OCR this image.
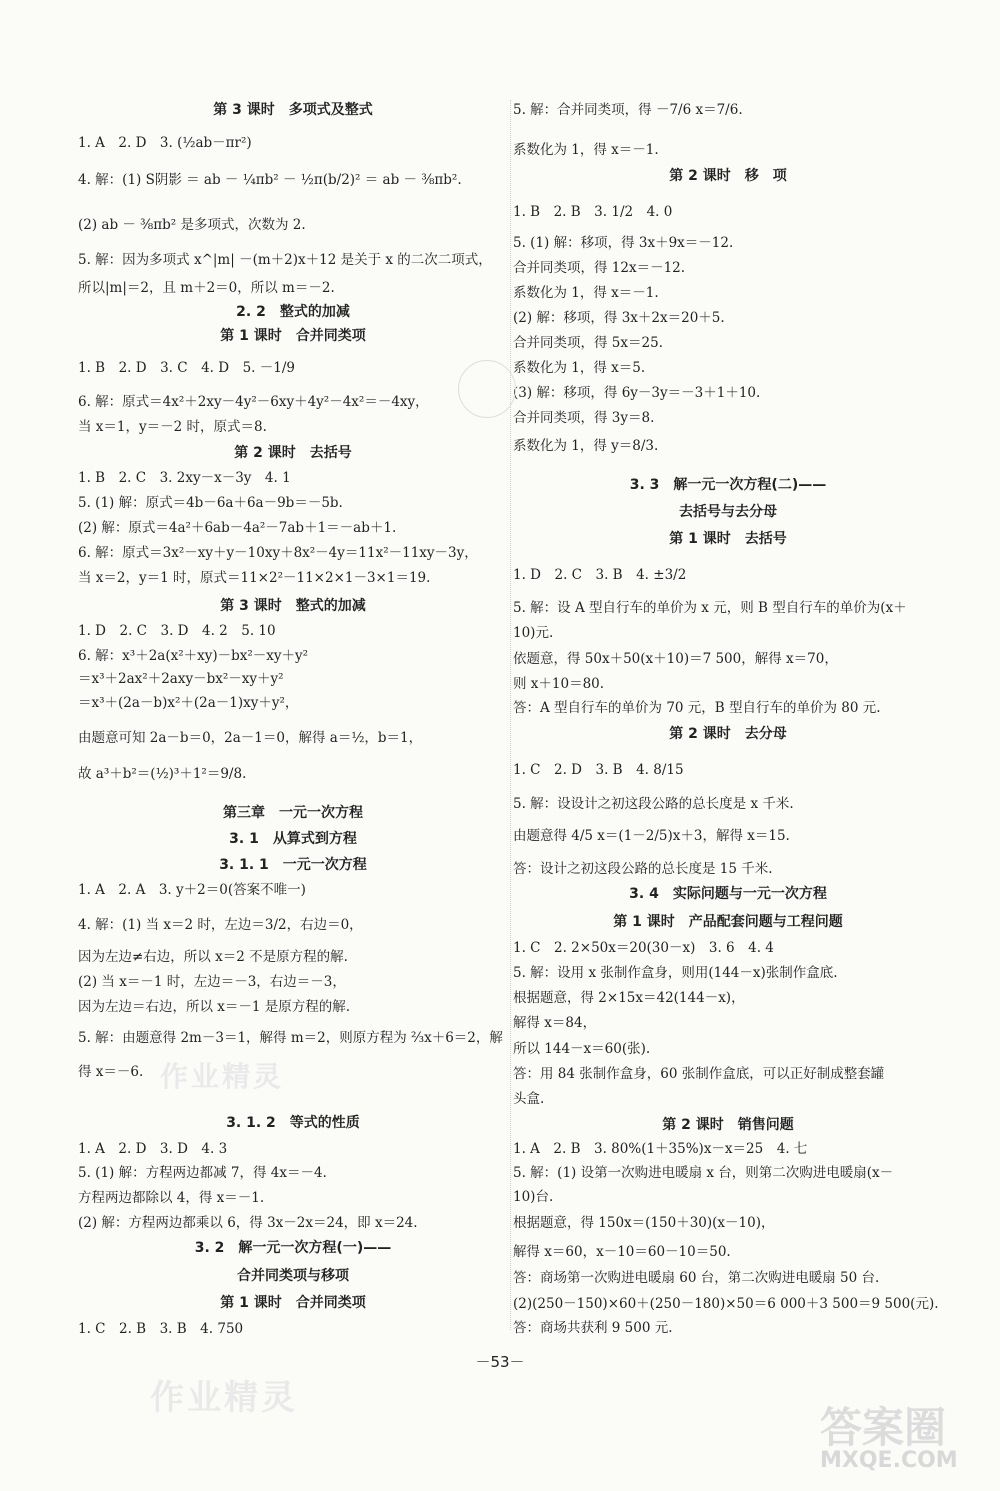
第 3 课时　多项式及整式
1. A　2. D　3. (½ab－πr²)
4. 解：(1) S阴影 ＝ ab － ¼πb² － ½π(b/2)² ＝ ab － ⅜πb².
(2) ab － ⅜πb² 是多项式，次数为 2.
5. 解：因为多项式 x^|m| －(m＋2)x＋12 是关于 x 的二次二项式，
所以|m|＝2，且 m＋2＝0，所以 m＝－2.
2. 2　整式的加减
第 1 课时　合并同类项
1. B　2. D　3. C　4. D　5. －1/9
6. 解：原式＝4x²＋2xy－4y²－6xy＋4y²－4x²＝－4xy，
当 x＝1，y＝－2 时，原式＝8.
第 2 课时　去括号
1. B　2. C　3. 2xy－x－3y　4. 1
5. (1) 解：原式＝4b－6a＋6a－9b＝－5b.
(2) 解：原式＝4a²＋6ab－4a²－7ab＋1＝－ab＋1.
6. 解：原式＝3x²－xy＋y－10xy＋8x²－4y＝11x²－11xy－3y，
当 x＝2，y＝1 时，原式＝11×2²－11×2×1－3×1＝19.
第 3 课时　整式的加减
1. D　2. C　3. D　4. 2　5. 10
6. 解：x³＋2a(x²＋xy)－bx²－xy＋y²
＝x³＋2ax²＋2axy－bx²－xy＋y²
＝x³＋(2a－b)x²＋(2a－1)xy＋y²，
由题意可知 2a－b＝0，2a－1＝0，解得 a＝½，b＝1，
故 a³＋b²＝(½)³＋1²＝9/8.
第三章　一元一次方程
3. 1　从算式到方程
3. 1. 1　一元一次方程
1. A　2. A　3. y＋2＝0(答案不唯一)
4. 解：(1) 当 x＝2 时，左边＝3/2，右边＝0，
因为左边≠右边，所以 x＝2 不是原方程的解.
(2) 当 x＝－1 时，左边＝－3，右边＝－3，
因为左边＝右边，所以 x＝－1 是原方程的解.
5. 解：由题意得 2m－3＝1，解得 m＝2，则原方程为 ⅔x＋6＝2，解
得 x＝－6.
3. 1. 2　等式的性质
1. A　2. D　3. D　4. 3
5. (1) 解：方程两边都减 7，得 4x＝－4.
方程两边都除以 4，得 x＝－1.
(2) 解：方程两边都乘以 6，得 3x－2x＝24，即 x＝24.
3. 2　解一元一次方程(一)——
合并同类项与移项
第 1 课时　合并同类项
1. C　2. B　3. B　4. 750
5. 解：合并同类项，得 －7/6 x＝7/6.
系数化为 1，得 x＝－1.
第 2 课时　移　项
1. B　2. B　3. 1/2　4. 0
5. (1) 解：移项，得 3x＋9x＝－12.
合并同类项，得 12x＝－12.
系数化为 1，得 x＝－1.
(2) 解：移项，得 3x＋2x＝20＋5.
合并同类项，得 5x＝25.
系数化为 1，得 x＝5.
(3) 解：移项，得 6y－3y＝－3＋1＋10.
合并同类项，得 3y＝8.
系数化为 1，得 y＝8/3.
3. 3　解一元一次方程(二)——
去括号与去分母
第 1 课时　去括号
1. D　2. C　3. B　4. ±3/2
5. 解：设 A 型自行车的单价为 x 元，则 B 型自行车的单价为(x＋
10)元.
依题意，得 50x＋50(x＋10)＝7 500，解得 x＝70，
则 x＋10＝80.
答：A 型自行车的单价为 70 元，B 型自行车的单价为 80 元.
第 2 课时　去分母
1. C　2. D　3. B　4. 8/15
5. 解：设设计之初这段公路的总长度是 x 千米.
由题意得 4/5 x＝(1－2/5)x＋3，解得 x＝15.
答：设计之初这段公路的总长度是 15 千米.
3. 4　实际问题与一元一次方程
第 1 课时　产品配套问题与工程问题
1. C　2. 2×50x＝20(30－x)　3. 6　4. 4
5. 解：设用 x 张制作盒身，则用(144－x)张制作盒底.
根据题意，得 2×15x＝42(144－x)，
解得 x＝84，
所以 144－x＝60(张).
答：用 84 张制作盒身，60 张制作盒底，可以正好制成整套罐
头盒.
第 2 课时　销售问题
1. A　2. B　3. 80%(1＋35%)x－x＝25　4. 七
5. 解：(1) 设第一次购进电暖扇 x 台，则第二次购进电暖扇(x－
10)台.
根据题意，得 150x＝(150＋30)(x－10)，
解得 x＝60，x－10＝60－10＝50.
答：商场第一次购进电暖扇 60 台，第二次购进电暖扇 50 台.
(2)(250－150)×60＋(250－180)×50＝6 000＋3 500＝9 500(元).
答：商场共获利 9 500 元.
作业精灵
作业精灵
答案圈
MXQE.COM
－53－
